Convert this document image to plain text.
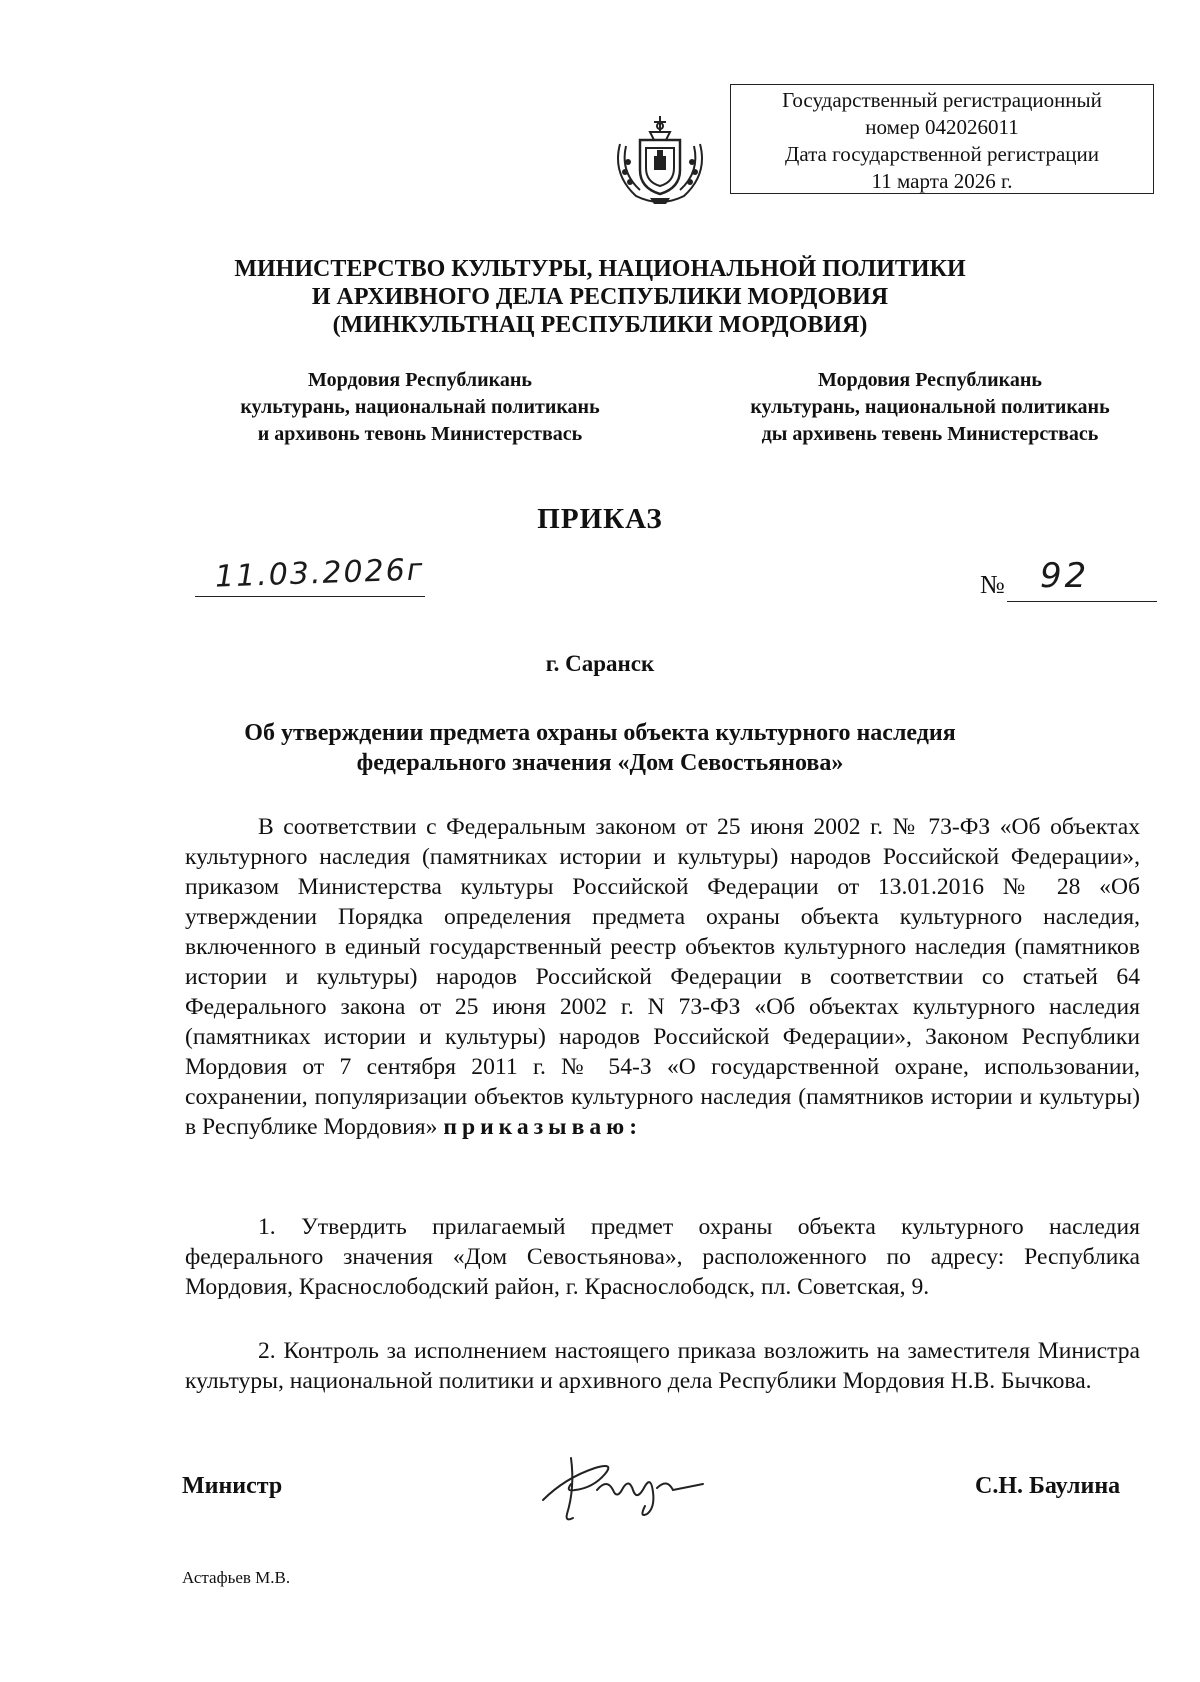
Государственный регистрационный
номер 042026011
Дата государственной регистрации
11 марта 2026 г.
МИНИСТЕРСТВО КУЛЬТУРЫ, НАЦИОНАЛЬНОЙ ПОЛИТИКИ
И АРХИВНОГО ДЕЛА РЕСПУБЛИКИ МОРДОВИЯ
(МИНКУЛЬТНАЦ РЕСПУБЛИКИ МОРДОВИЯ)
Мордовия Республикань
культурань, национальнай политикань
и архивонь тевонь Министерствась
Мордовия Республикань
культурань, национальной политикань
ды архивень тевень Министерствась
ПРИКАЗ
11.03.2026г	№ 92
г. Саранск
Об утверждении предмета охраны объекта культурного наследия
федерального значения «Дом Севостьянова»

В соответствии с Федеральным законом от 25 июня 2002 г. № 73-ФЗ «Об объектах культурного наследия (памятниках истории и культуры) народов Российской Федерации», приказом Министерства культуры Российской Федерации от 13.01.2016 № 28 «Об утверждении Порядка определения предмета охраны объекта культурного наследия, включенного в единый государственный реестр объектов культурного наследия (памятников истории и культуры) народов Российской Федерации в соответствии со статьей 64 Федерального закона от 25 июня 2002 г. N 73-ФЗ «Об объектах культурного наследия (памятниках истории и культуры) народов Российской Федерации», Законом Республики Мордовия от 7 сентября 2011 г. № 54-З «О государственной охране, использовании, сохранении, популяризации объектов культурного наследия (памятников истории и культуры) в Республике Мордовия» приказываю:

1. Утвердить прилагаемый предмет охраны объекта культурного наследия федерального значения «Дом Севостьянова», расположенного по адресу: Республика Мордовия, Краснослободский район, г. Краснослободск, пл. Советская, 9.

2. Контроль за исполнением настоящего приказа возложить на заместителя Министра культуры, национальной политики и архивного дела Республики Мордовия Н.В. Бычкова.

Министр	С.Н. Баулина
Астафьев М.В.
